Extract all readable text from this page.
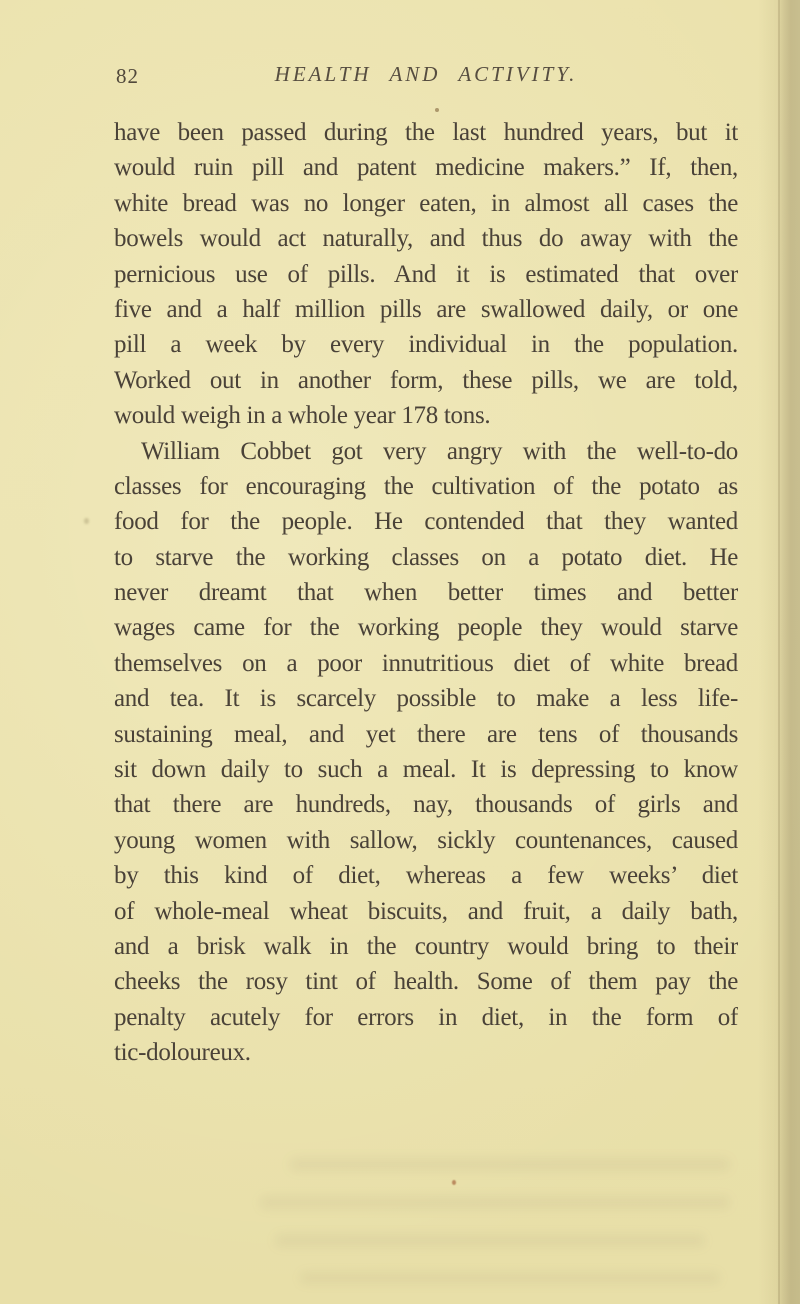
82	HEALTH AND ACTIVITY.
have been passed during the last hundred years, but it
would ruin pill and patent medicine makers.” If, then,
white bread was no longer eaten, in almost all cases the
bowels would act naturally, and thus do away with the
pernicious use of pills. And it is estimated that over
five and a half million pills are swallowed daily, or one
pill a week by every individual in the population.
Worked out in another form, these pills, we are told,
would weigh in a whole year 178 tons.
William Cobbet got very angry with the well-to-do
classes for encouraging the cultivation of the potato as
food for the people. He contended that they wanted
to starve the working classes on a potato diet. He
never dreamt that when better times and better
wages came for the working people they would starve
themselves on a poor innutritious diet of white bread
and tea. It is scarcely possible to make a less life-
sustaining meal, and yet there are tens of thousands
sit down daily to such a meal. It is depressing to know
that there are hundreds, nay, thousands of girls and
young women with sallow, sickly countenances, caused
by this kind of diet, whereas a few weeks’ diet
of whole-meal wheat biscuits, and fruit, a daily bath,
and a brisk walk in the country would bring to their
cheeks the rosy tint of health. Some of them pay the
penalty acutely for errors in diet, in the form of
tic-doloureux.
